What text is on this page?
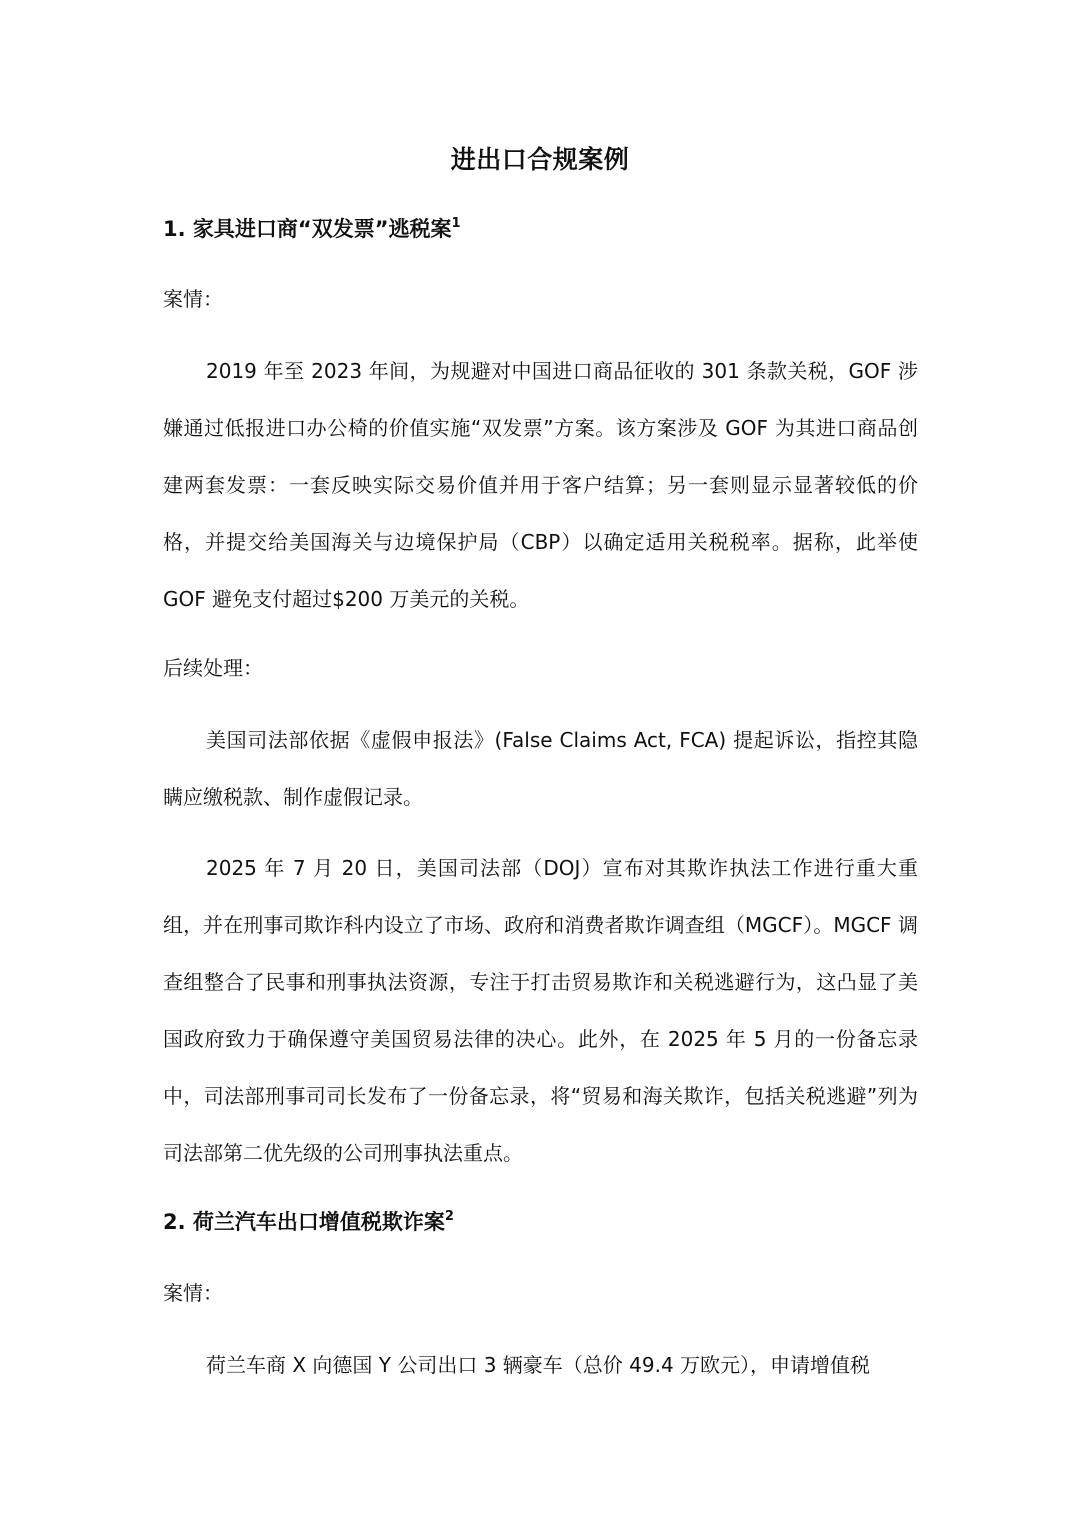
进出口合规案例
1. 家具进口商“双发票”逃税案$^1$
案情：
2019 年至 2023 年间，为规避对中国进口商品征收的 301 条款关税，GOF 涉嫌通过低报进口办公椅的价值实施“双发票”方案。该方案涉及 GOF 为其进口商品创建两套发票：一套反映实际交易价值并用于客户结算；另一套则显示显著较低的价格，并提交给美国海关与边境保护局（CBP）以确定适用关税税率。据称，此举使 GOF 避免支付超过$200 万美元的关税。
后续处理：
美国司法部依据《虚假申报法》(False Claims Act, FCA) 提起诉讼，指控其隐瞒应缴税款、制作虚假记录。
2025 年 7 月 20 日，美国司法部（DOJ）宣布对其欺诈执法工作进行重大重组，并在刑事司欺诈科内设立了市场、政府和消费者欺诈调查组（MGCF）。MGCF 调查组整合了民事和刑事执法资源，专注于打击贸易欺诈和关税逃避行为，这凸显了美国政府致力于确保遵守美国贸易法律的决心。此外，在 2025 年 5 月的一份备忘录中，司法部刑事司司长发布了一份备忘录，将“贸易和海关欺诈，包括关税逃避”列为司法部第二优先级的公司刑事执法重点。
2. 荷兰汽车出口增值税欺诈案$^2$
案情：
荷兰车商 X 向德国 Y 公司出口 3 辆豪车（总价 49.4 万欧元），申请增值税
